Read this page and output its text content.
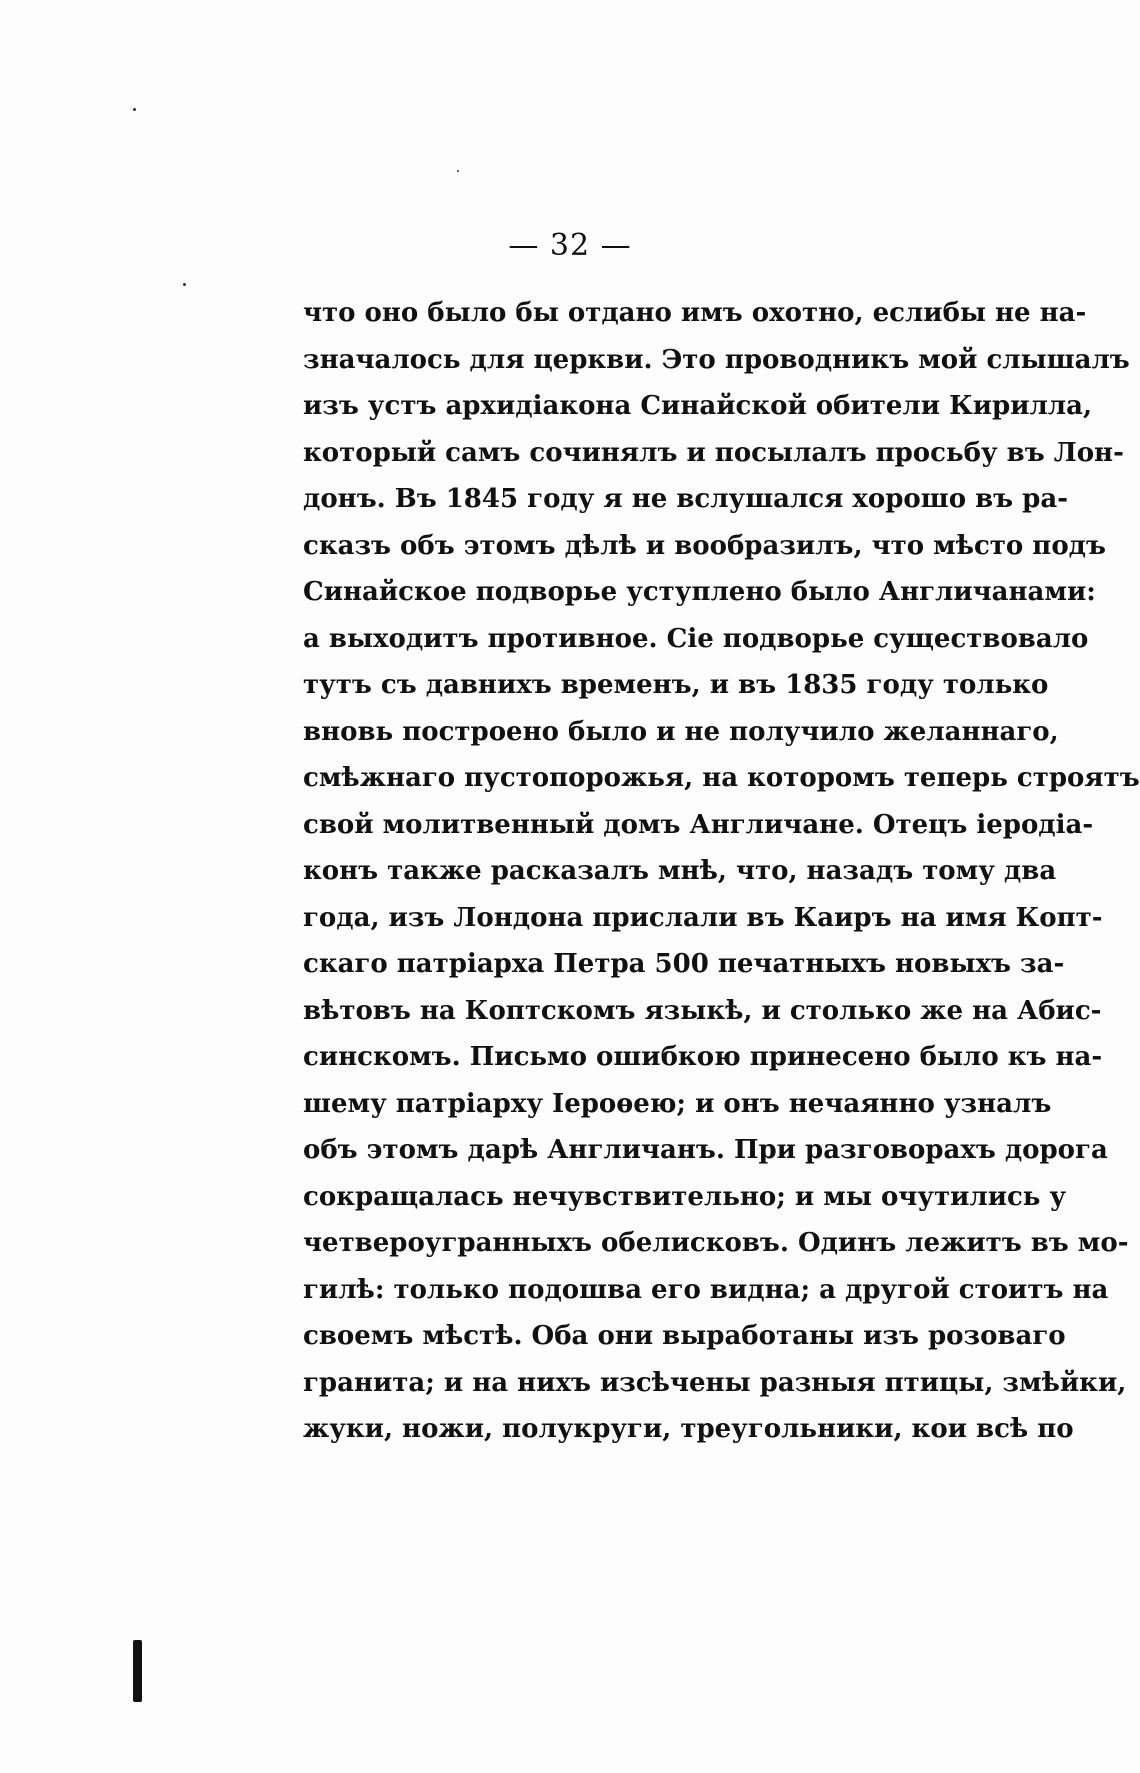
— 32 —
что оно было бы отдано имъ охотно, еслибы не на-
значалось для церкви. Это проводникъ мой слышалъ
изъ устъ архидіакона Синайской обители Кирилла,
который самъ сочинялъ и посылалъ просьбу въ Лон-
донъ. Въ 1845 году я не вслушался хорошо въ ра-
сказъ объ этомъ дѣлѣ и вообразилъ, что мѣсто подъ
Синайское подворье уступлено было Англичанами:
а выходитъ противное. Сіе подворье существовало
тутъ съ давнихъ временъ, и въ 1835 году только
вновь построено было и не получило желаннаго,
смѣжнаго пустопорожья, на которомъ теперь строятъ
свой молитвенный домъ Англичане. Отецъ іеродіа-
конъ также расказалъ мнѣ, что, назадъ тому два
года, изъ Лондона прислали въ Каиръ на имя Копт-
скаго патріарха Петра 500 печатныхъ новыхъ за-
вѣтовъ на Коптскомъ языкѣ, и столько же на Абис-
синскомъ. Письмо ошибкою принесено было къ на-
шему патріарху Іероѳею; и онъ нечаянно узналъ
объ этомъ дарѣ Англичанъ. При разговорахъ дорога
сокращалась нечувствительно; и мы очутились у
четвероугранныхъ обелисковъ. Одинъ лежитъ въ мо-
гилѣ: только подошва его видна; а другой стоитъ на
своемъ мѣстѣ. Оба они выработаны изъ розоваго
гранита; и на нихъ изсѣчены разныя птицы, змѣйки,
жуки, ножи, полукруги, треугольники, кои всѣ по
